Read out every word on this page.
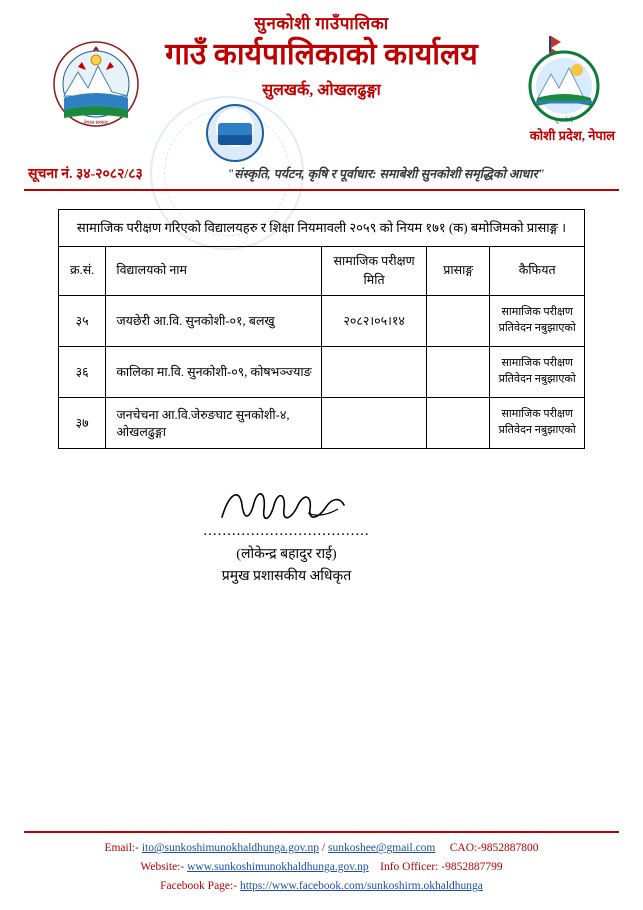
नेपाल सरकार	सुनकोशी
सुनकोशी गाउँपालिका
गाउँ कार्यपालिकाको कार्यालय
सुलखर्क, ओखलढुङ्गा
कोशी प्रदेश, नेपाल
सूचना नं. ३४-२०८२/८३	"संस्कृति, पर्यटन, कृषि र पूर्वाधार: समाबेशी सुनकोशी समृद्धिको आधार"
सामाजिक परीक्षण गरिएको विद्यालयहरु र शिक्षा नियमावली २०५९ को नियम १७१ (क) बमोजिमको प्रासाङ्ग ।				
क्र.सं.	विद्यालयको नाम	सामाजिक परीक्षण मिति	प्रासाङ्ग	कैफियत
३५	जयछेरी आ.वि. सुनकोशी-०१, बलखु	२०८२।०५।१४		सामाजिक परीक्षण प्रतिवेदन नबुझाएको

३६	कालिका मा.वि. सुनकोशी-०९, कोषभञ्ज्याङ			सामाजिक परीक्षण प्रतिवेदन नबुझाएको

३७	जनचेचना आ.वि.जेरुङघाट सुनकोशी-४, ओखलढुङ्गा			सामाजिक परीक्षण प्रतिवेदन नबुझाएको
...................................
(लोकेन्द्र बहादुर राई)
प्रमुख प्रशासकीय अधिकृत
Email:- ito@sunkoshimunokhaldhunga.gov.np / sunkoshee@gmail.com CAO:-9852887800
Website:- www.sunkoshimunokhaldhunga.gov.np Info Officer: -9852887799
Facebook Page:- https://www.facebook.com/sunkoshirm.okhaldhunga
